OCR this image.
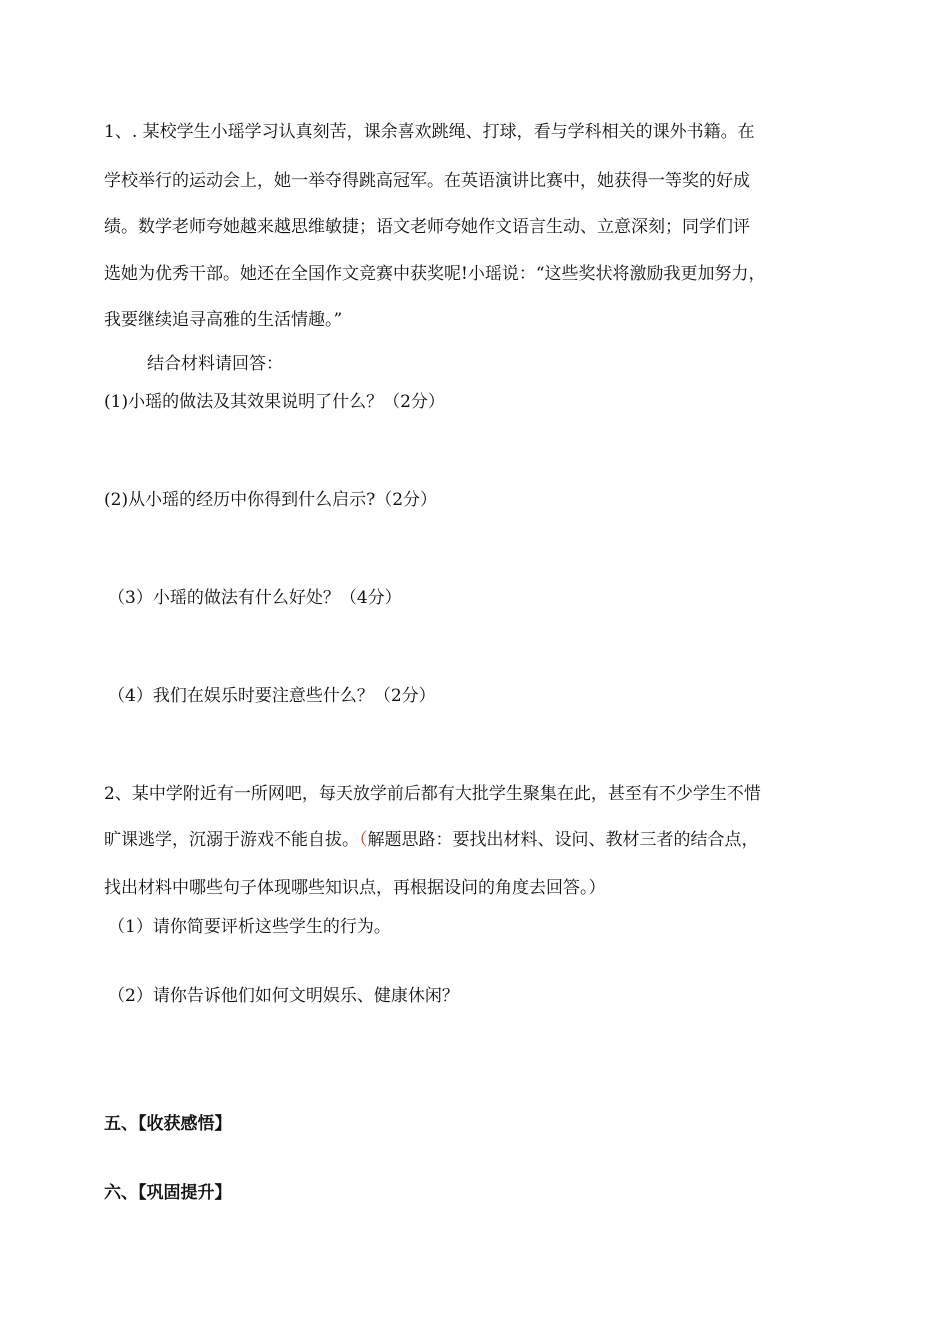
1、. 某校学生小瑶学习认真刻苦，课余喜欢跳绳、打球，看与学科相关的课外书籍。在
学校举行的运动会上，她一举夺得跳高冠军。在英语演讲比赛中，她获得一等奖的好成
绩。数学老师夸她越来越思维敏捷；语文老师夸她作文语言生动、立意深刻；同学们评
选她为优秀干部。她还在全国作文竞赛中获奖呢!小瑶说：“这些奖状将激励我更加努力，
我要继续追寻高雅的生活情趣。”
结合材料请回答：
(1)小瑶的做法及其效果说明了什么？（2分）
(2)从小瑶的经历中你得到什么启示?（2分）
（3）小瑶的做法有什么好处？（4分）
（4）我们在娱乐时要注意些什么？（2分）
2、某中学附近有一所网吧，每天放学前后都有大批学生聚集在此，甚至有不少学生不惜
旷课逃学，沉溺于游戏不能自拔。（解题思路：要找出材料、设问、教材三者的结合点，
找出材料中哪些句子体现哪些知识点，再根据设问的角度去回答。）
（1）请你简要评析这些学生的行为。
（2）请你告诉他们如何文明娱乐、健康休闲？
五、【收获感悟】
六、【巩固提升】
